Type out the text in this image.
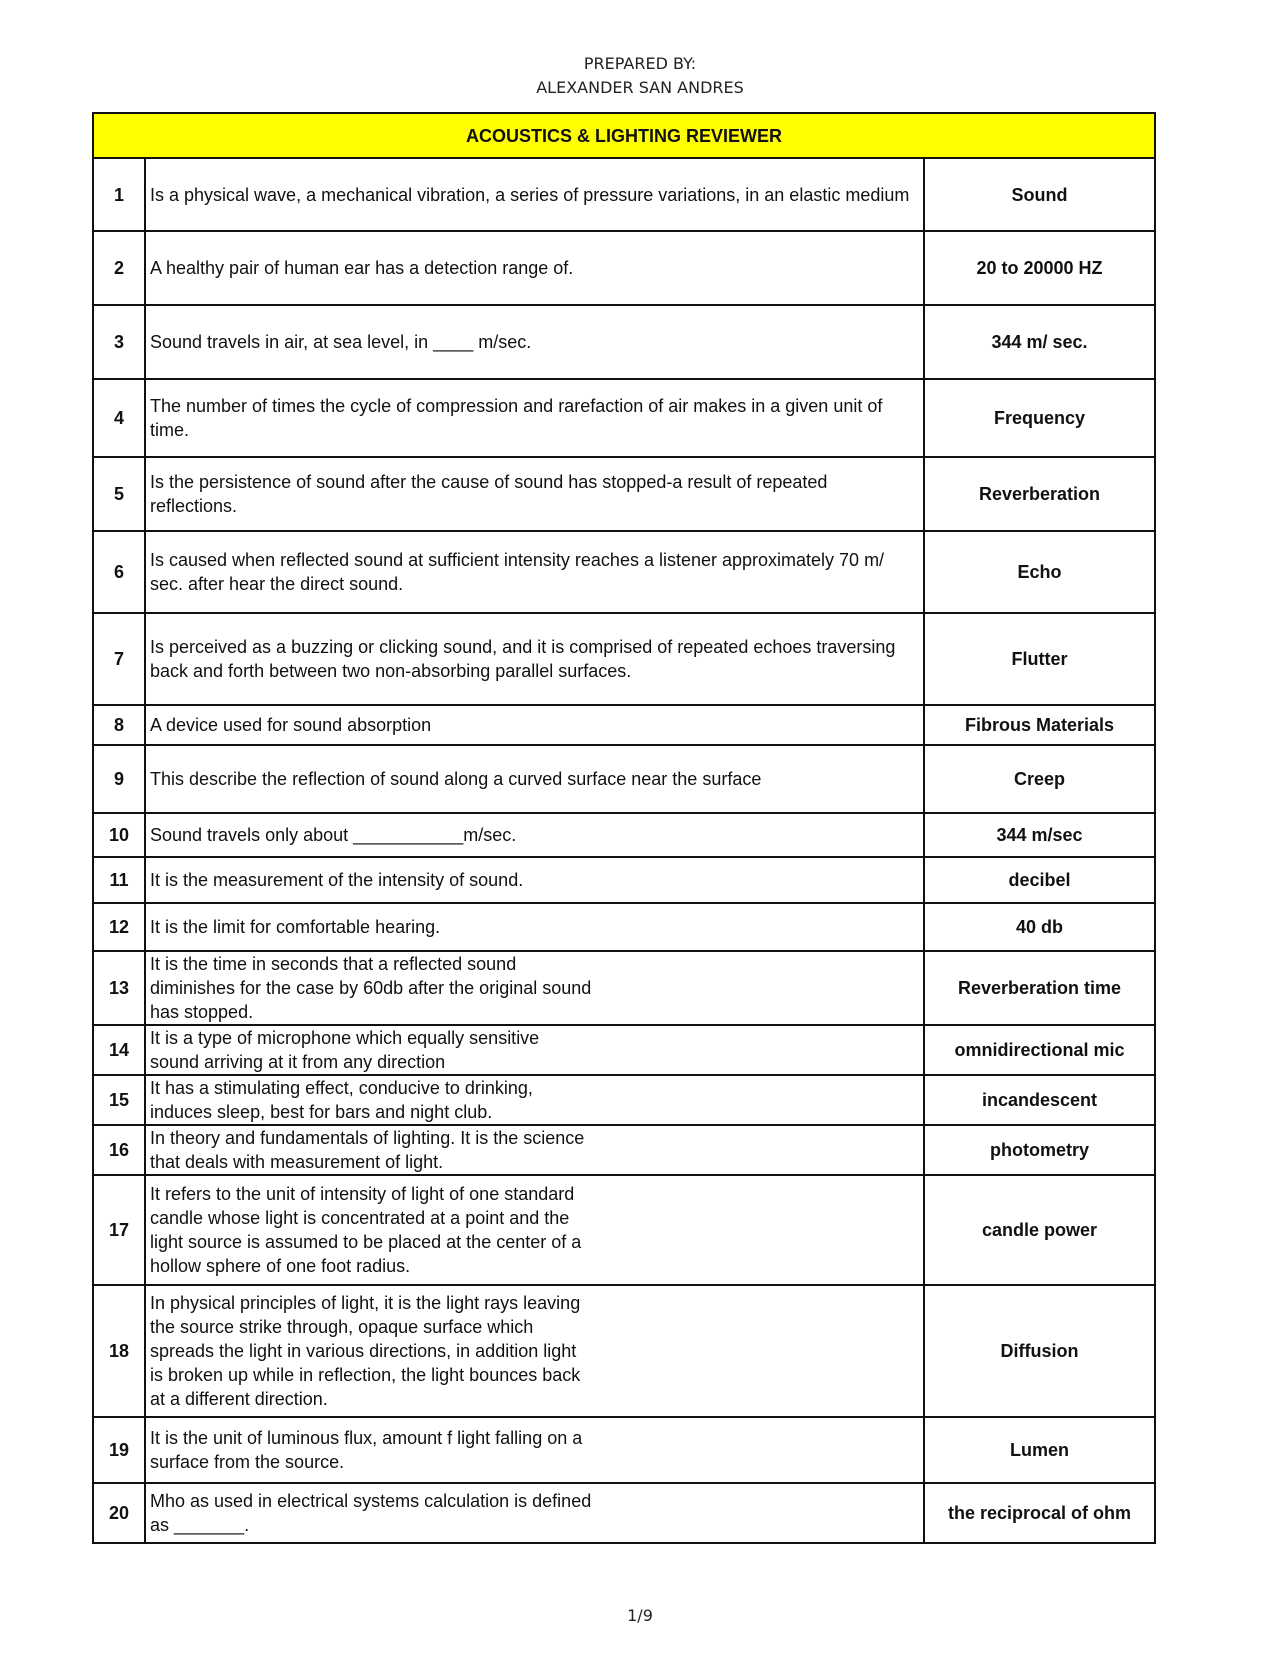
PREPARED BY:
ALEXANDER SAN ANDRES
ACOUSTICS & LIGHTING REVIEWER		
1	Is a physical wave, a mechanical vibration, a series of pressure variations, in an elastic medium	Sound
2	A healthy pair of human ear has a detection range of.	20 to 20000 HZ
3	Sound travels in air, at sea level, in ____ m/sec.	344 m/ sec.
4	The number of times the cycle of compression and rarefaction of air makes in a given unit of time.	Frequency
5	Is the persistence of sound after the cause of sound has stopped-a result of repeated reflections.	Reverberation
6	Is caused when reflected sound at sufficient intensity reaches a listener approximately 70 m/ sec. after hear the direct sound.	Echo
7	Is perceived as a buzzing or clicking sound, and it is comprised of repeated echoes traversing back and forth between two non-absorbing parallel surfaces.	Flutter
8	A device used for sound absorption	Fibrous Materials
9	This describe the reflection of sound along a curved surface near the surface	Creep
10	Sound travels only about ___________m/sec.	344 m/sec
11	It is the measurement of the intensity of sound.	decibel
12	It is the limit for comfortable hearing.	40 db
13	It is the time in seconds that a reflected sound diminishes for the case by 60db after the original sound has stopped.	Reverberation time
14	It is a type of microphone which equally sensitive sound arriving at it from any direction	omnidirectional mic
15	It has a stimulating effect, conducive to drinking, induces sleep, best for bars and night club.	incandescent
16	In theory and fundamentals of lighting. It is the science that deals with measurement of light.	photometry
17	It refers to the unit of intensity of light of one standard candle whose light is concentrated at a point and the light source is assumed to be placed at the center of a hollow sphere of one foot radius.	candle power
18	In physical principles of light, it is the light rays leaving the source strike through, opaque surface which spreads the light in various directions, in addition light is broken up while in reflection, the light bounces back at a different direction.	Diffusion
19	It is the unit of luminous flux, amount f light falling on a surface from the source.	Lumen
20	Mho as used in electrical systems calculation is defined as _______.	the reciprocal of ohm
1/9
